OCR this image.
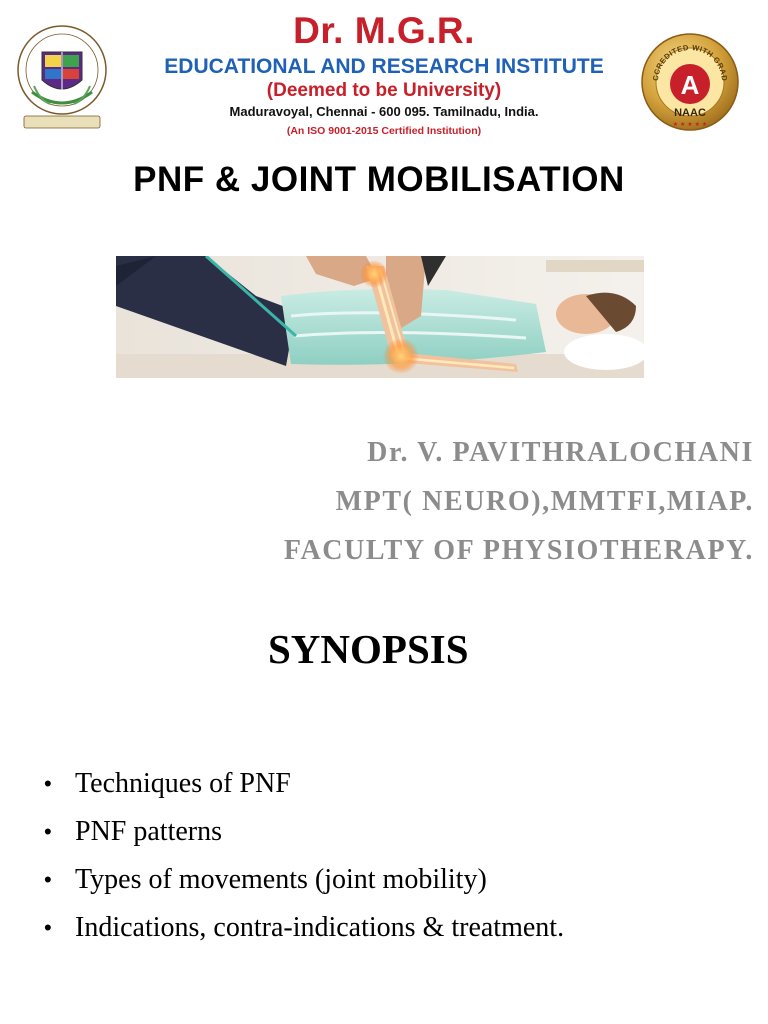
Dr. M.G.R.
EDUCATIONAL AND RESEARCH INSTITUTE
(Deemed to be University)
Maduravoyal, Chennai - 600 095. Tamilnadu, India.
(An ISO 9001-2015 Certified Institution)
CCREDITED WITH GRAD
A
NAAC
★ ★ ★ ★ ★
PNF & JOINT MOBILISATION
Dr. V. PAVITHRALOCHANI
MPT( NEURO),MMTFI,MIAP.
FACULTY OF PHYSIOTHERAPY.
SYNOPSIS
• Techniques of PNF
• PNF patterns
• Types of movements (joint mobility)
• Indications, contra-indications & treatment.
